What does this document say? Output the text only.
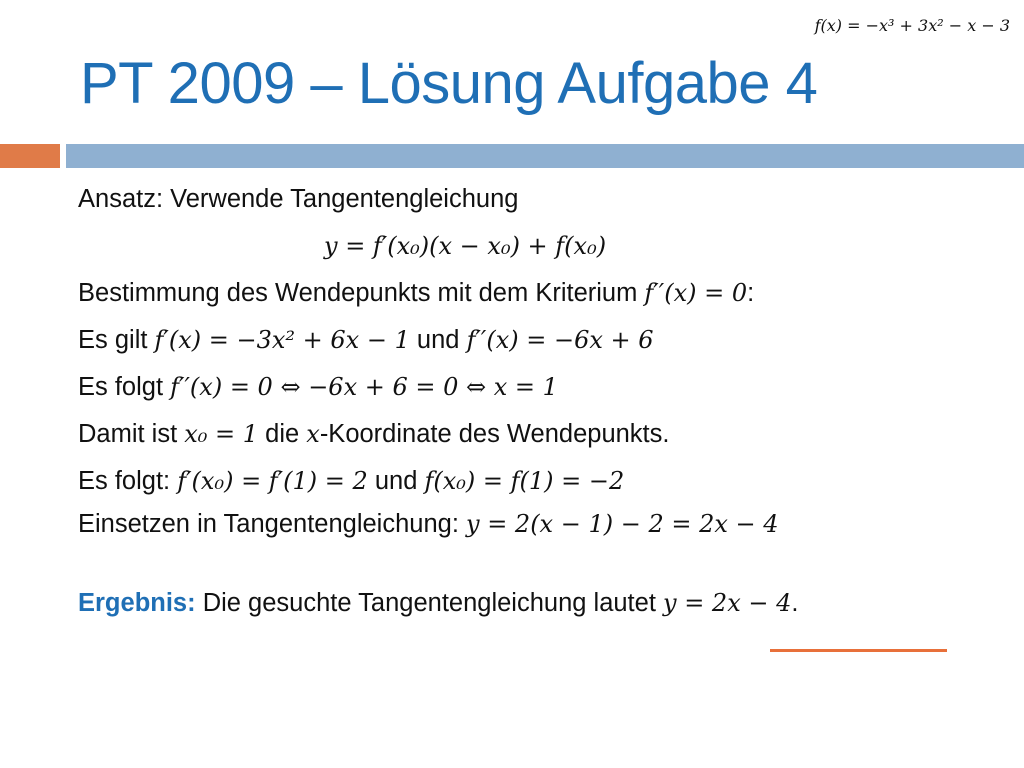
f(x) = −x³ + 3x² − x − 3
PT 2009 – Lösung Aufgabe 4
Ansatz: Verwende Tangentengleichung
y = f′(x₀)(x − x₀) + f(x₀)
Bestimmung des Wendepunkts mit dem Kriterium f′′(x) = 0:
Es gilt f′(x) = −3x² + 6x − 1 und f′′(x) = −6x + 6
Es folgt f′′(x) = 0 ⇔ −6x + 6 = 0 ⇔ x = 1
Damit ist x₀ = 1 die x-Koordinate des Wendepunkts.
Es folgt: f′(x₀) = f′(1) = 2 und f(x₀) = f(1) = −2
Einsetzen in Tangentengleichung: y = 2(x − 1) − 2 = 2x − 4
Ergebnis: Die gesuchte Tangentengleichung lautet y = 2x − 4.
